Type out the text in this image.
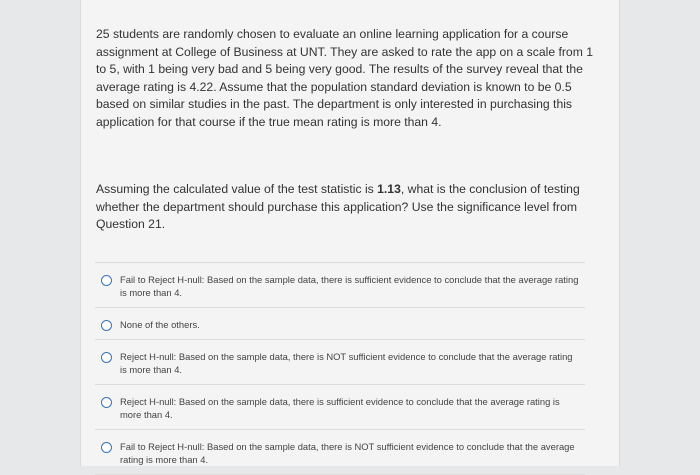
25 students are randomly chosen to evaluate an online learning application for a course assignment at College of Business at UNT. They are asked to rate the app on a scale from 1 to 5, with 1 being very bad and 5 being very good. The results of the survey reveal that the average rating is 4.22. Assume that the population standard deviation is known to be 0.5 based on similar studies in the past. The department is only interested in purchasing this application for that course if the true mean rating is more than 4.
Assuming the calculated value of the test statistic is 1.13, what is the conclusion of testing whether the department should purchase this application? Use the significance level from Question 21.
Fail to Reject H-null: Based on the sample data, there is sufficient evidence to conclude that the average rating is more than 4.
None of the others.
Reject H-null: Based on the sample data, there is NOT sufficient evidence to conclude that the average rating is more than 4.
Reject H-null: Based on the sample data, there is sufficient evidence to conclude that the average rating is more than 4.
Fail to Reject H-null: Based on the sample data, there is NOT sufficient evidence to conclude that the average rating is more than 4.
